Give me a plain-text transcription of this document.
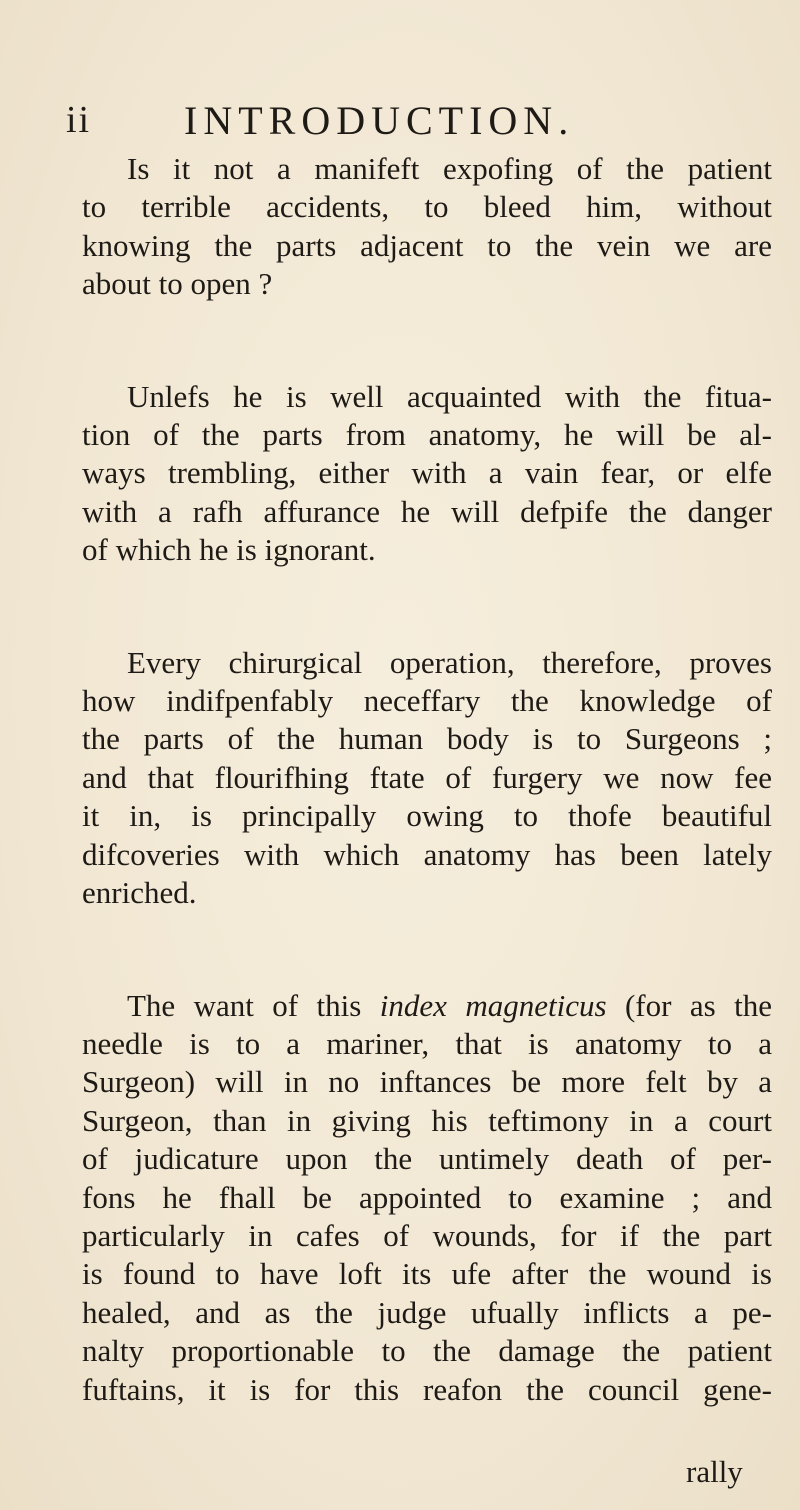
ii	INTRODUCTION.

Is it not a manifeft expofing of the patient
to terrible accidents, to bleed him, without
knowing the parts adjacent to the vein we are
about to open ?

Unlefs he is well acquainted with the fitua-
tion of the parts from anatomy, he will be al-
ways trembling, either with a vain fear, or elfe
with a rafh affurance he will defpife the danger
of which he is ignorant.

Every chirurgical operation, therefore, proves
how indifpenfably neceffary the knowledge of
the parts of the human body is to Surgeons ;
and that flourifhing ftate of furgery we now fee
it in, is principally owing to thofe beautiful
difcoveries with which anatomy has been lately
enriched.

The want of this index magneticus (for as the
needle is to a mariner, that is anatomy to a
Surgeon) will in no inftances be more felt by a
Surgeon, than in giving his teftimony in a court
of judicature upon the untimely death of per-
fons he fhall be appointed to examine ; and
particularly in cafes of wounds, for if the part
is found to have loft its ufe after the wound is
healed, and as the judge ufually inflicts a pe-
nalty proportionable to the damage the patient
fuftains, it is for this reafon the council gene-

rally
